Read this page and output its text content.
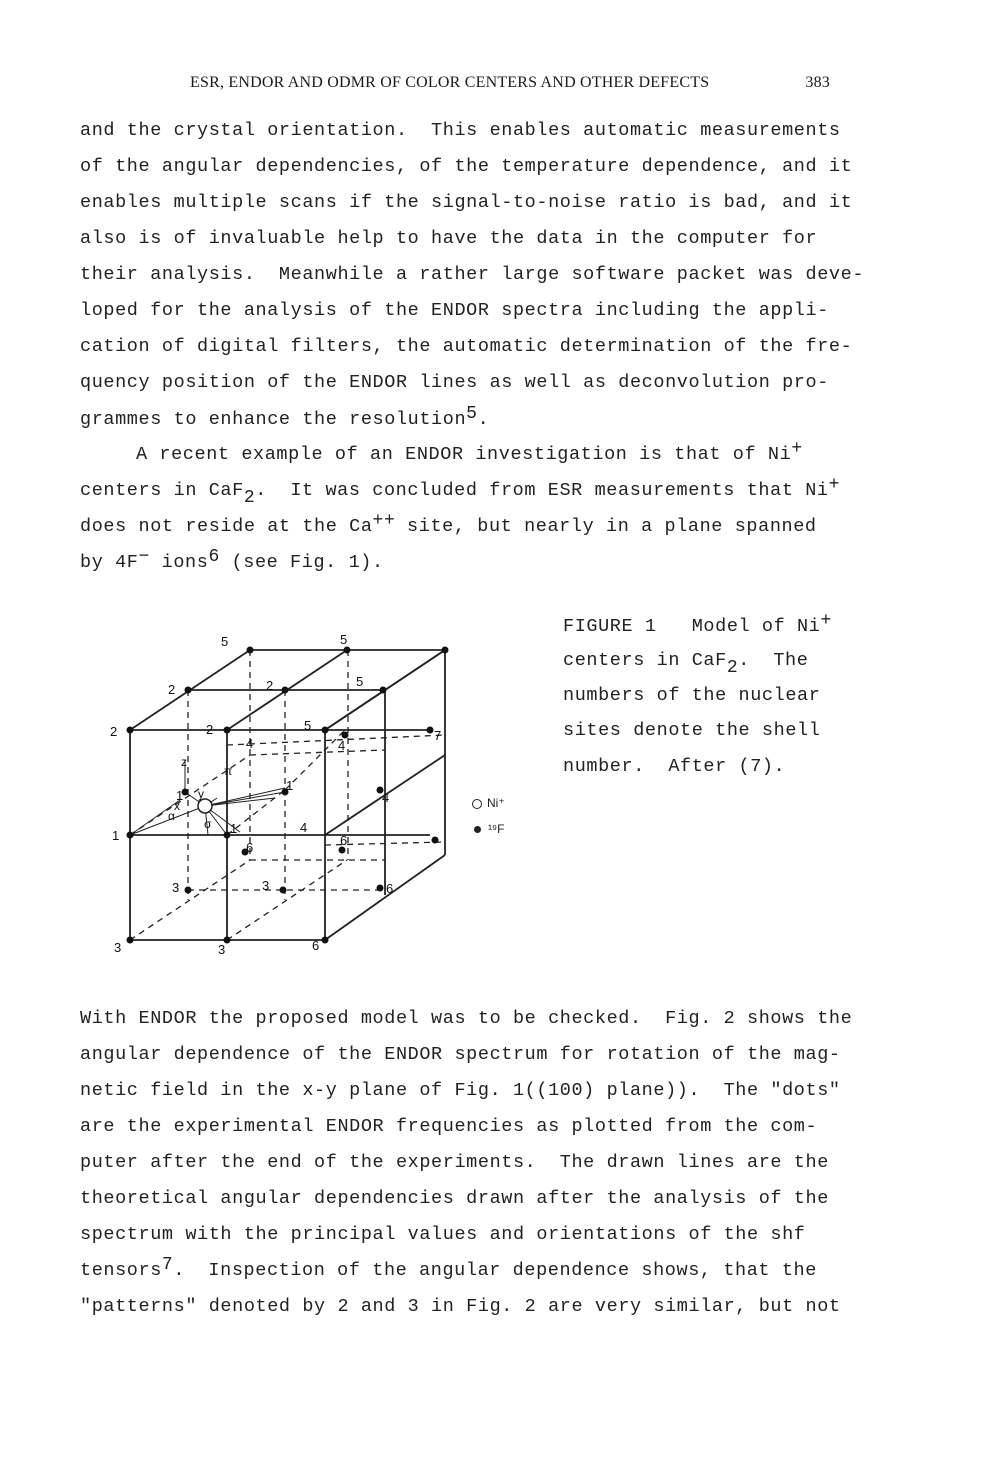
ESR, ENDOR AND ODMR OF COLOR CENTERS AND OTHER DEFECTS	383
and the crystal orientation.  This enables automatic measurements
of the angular dependencies, of the temperature dependence, and it
enables multiple scans if the signal-to-noise ratio is bad, and it
also is of invaluable help to have the data in the computer for
their analysis.  Meanwhile a rather large software packet was deve-
loped for the analysis of the ENDOR spectra including the appli-
cation of digital filters, the automatic determination of the fre-
quency position of the ENDOR lines as well as deconvolution pro-
grammes to enhance the resolution$^5$.
A recent example of an ENDOR investigation is that of Ni+
centers in CaF$_2$.  It was concluded from ESR measurements that Ni+
does not reside at the Ca++ site, but nearly in a plane spanned
by 4F− ions$^6$ (see Fig. 1).
5	5
2	2	5
2	2	5
7
4	4
4
1
1
1	4
1
6	6
3	3	6
3	3	6
z
x
y
π
σ
α
Ni⁺
¹⁹F
FIGURE 1   Model of Ni+
centers in CaF$_2$.  The
numbers of the nuclear
sites denote the shell
number.  After (7).
With ENDOR the proposed model was to be checked.  Fig. 2 shows the
angular dependence of the ENDOR spectrum for rotation of the mag-
netic field in the x-y plane of Fig. 1((100) plane)).  The "dots"
are the experimental ENDOR frequencies as plotted from the com-
puter after the end of the experiments.  The drawn lines are the
theoretical angular dependencies drawn after the analysis of the
spectrum with the principal values and orientations of the shf
tensors$^7$.  Inspection of the angular dependence shows, that the
"patterns" denoted by 2 and 3 in Fig. 2 are very similar, but not
